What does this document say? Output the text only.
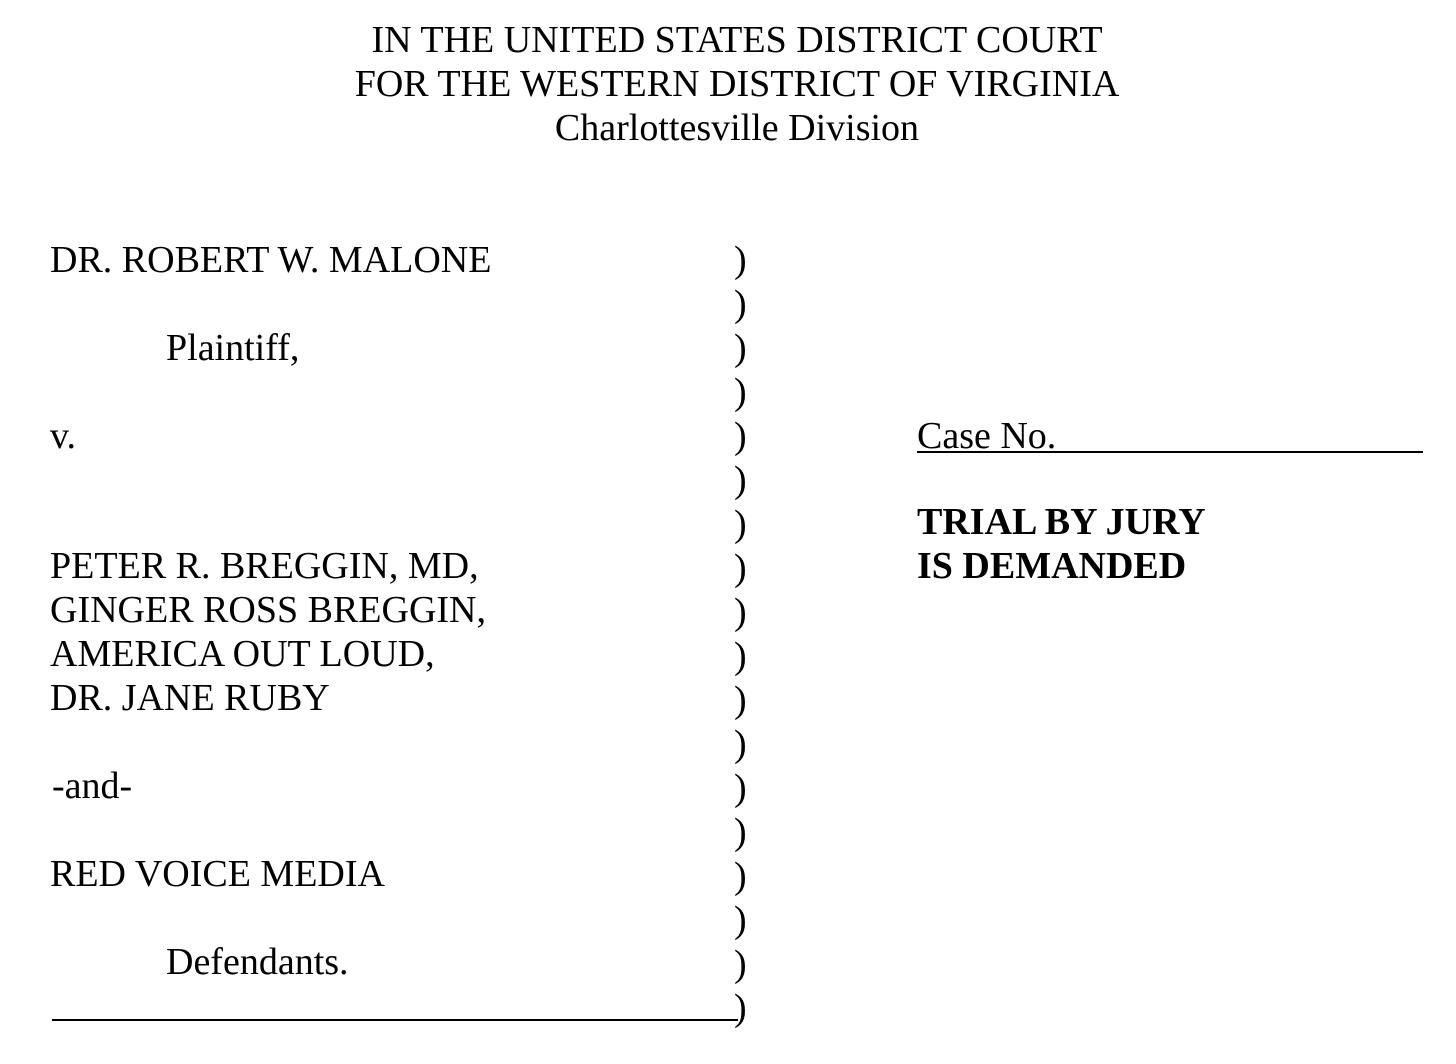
IN THE UNITED STATES DISTRICT COURT
FOR THE WESTERN DISTRICT OF VIRGINIA
Charlottesville Division
DR. ROBERT W. MALONE
Plaintiff,
v.
PETER R. BREGGIN, MD,
GINGER ROSS BREGGIN,
AMERICA OUT LOUD,
DR. JANE RUBY
-and-
RED VOICE MEDIA
Defendants.
)
)
)
)
)
)
)
)
)
)
)
)
)
)
)
)
)
)
Case No.
TRIAL BY JURY
IS DEMANDED
